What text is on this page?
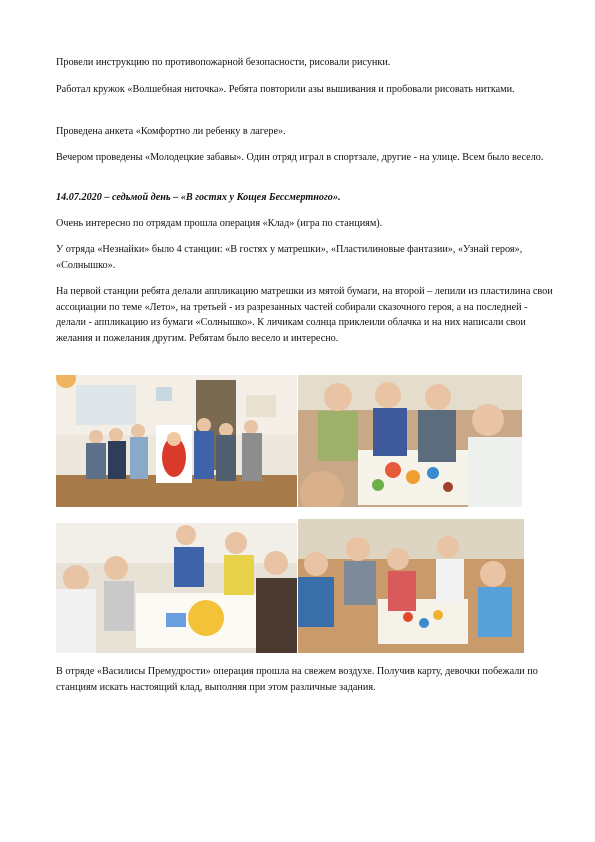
Провели инструкцию по противопожарной безопасности, рисовали рисунки.

Работал кружок «Волшебная ниточка». Ребята повторили азы вышивания и пробовали рисовать нитками.

Проведена анкета «Комфортно ли ребенку в лагере».

Вечером проведены «Молодецкие забавы». Один отряд играл в спортзале, другие - на улице. Всем было весело.

14.07.2020 – седьмой день – «В гостях у Кощея Бессмертного».

Очень интересно по отрядам прошла операция «Клад» (игра по станциям).

У отряда «Незнайки» было 4 станции: «В гостях у матрешки», «Пластилиновые фантазии», «Узнай героя», «Солнышко».

На первой станции ребята делали аппликацию матрешки из мятой бумаги, на второй – лепили из пластилина свои ассоциации по теме «Лето», на третьей - из разрезанных частей собирали сказочного героя, а на последней - делали - аппликацию из бумаги «Солнышко». К личикам солнца приклеили облачка и на них написали свои желания и пожелания другим. Ребятам было весело и интересно.

В отряде «Василисы Премудрости» операция прошла на свежем воздухе. Получив карту, девочки побежали по станциям искать настоящий клад, выполняя при этом различные задания.
